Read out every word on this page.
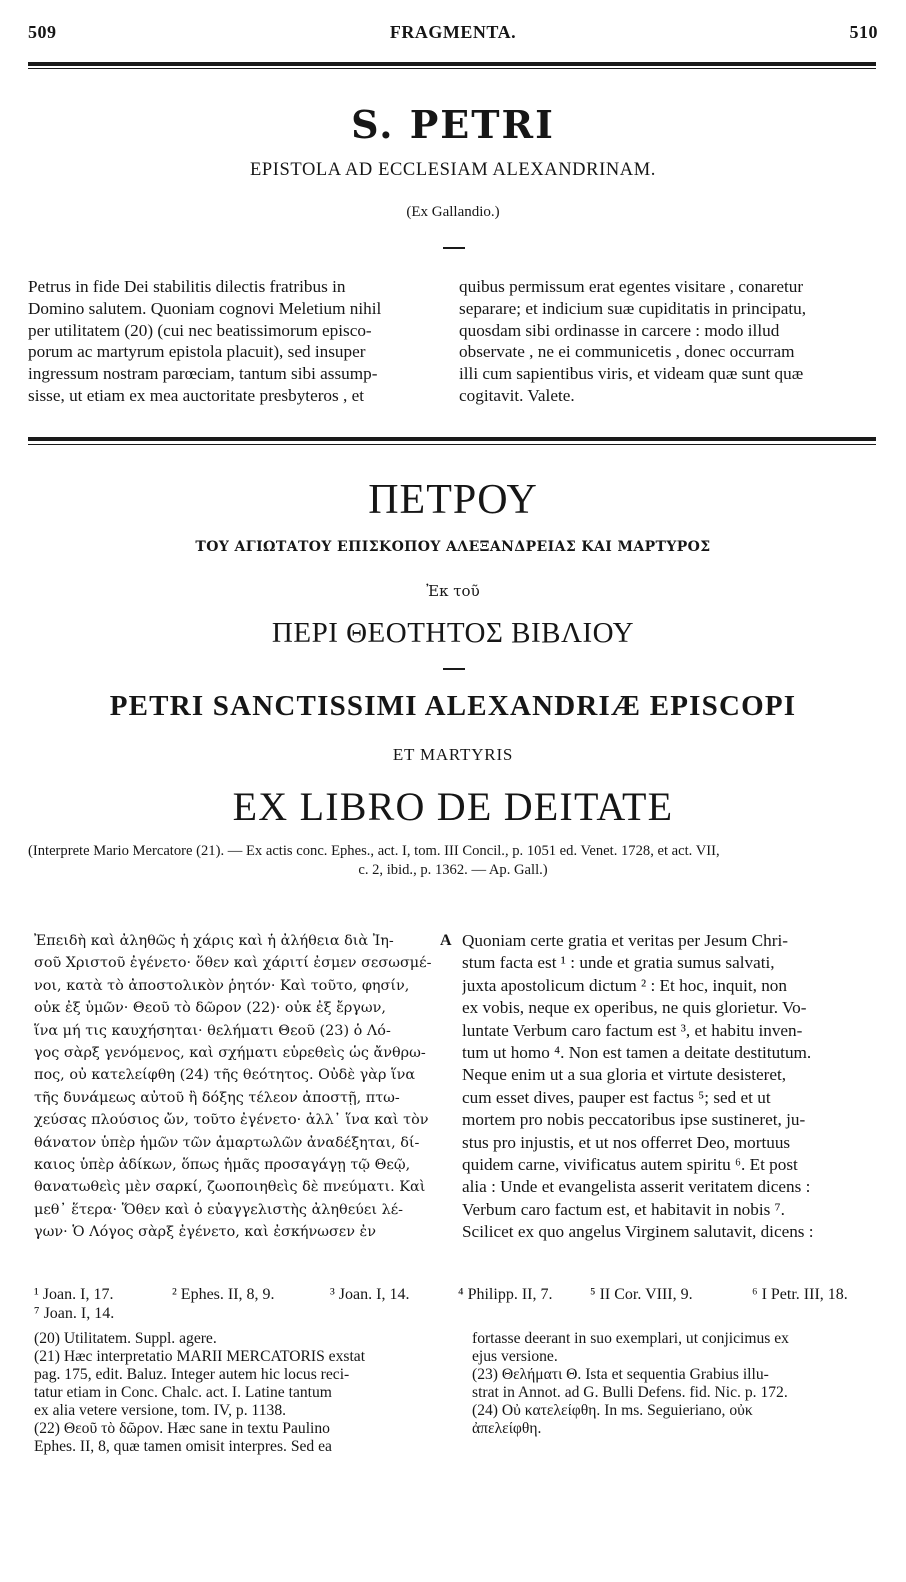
509	FRAGMENTA.	510
S. PETRI
EPISTOLA AD ECCLESIAM ALEXANDRINAM.
(Ex Gallandio.)
Petrus in fide Dei stabilitis dilectis fratribus in
Domino salutem. Quoniam cognovi Meletium nihil
per utilitatem (20) (cui nec beatissimorum episco-
porum ac martyrum epistola placuit), sed insuper
ingressum nostram parœciam, tantum sibi assump-
sisse, ut etiam ex mea auctoritate presbyteros , et
quibus permissum erat egentes visitare , conaretur
separare; et indicium suæ cupiditatis in principatu,
quosdam sibi ordinasse in carcere : modo illud
observate , ne ei communicetis , donec occurram
illi cum sapientibus viris, et videam quæ sunt quæ
cogitavit. Valete.
ΠΕΤΡΟΥ
ΤΟΥ ΑΓΙΩΤΑΤΟΥ ΕΠΙΣΚΟΠΟΥ ΑΛΕΞΑΝΔΡΕΙΑΣ ΚΑΙ ΜΑΡΤΥΡΟΣ
Ἐκ τοῦ
ΠΕΡΙ ΘΕΟΤΗΤΟΣ ΒΙΒΛΙΟΥ
PETRI SANCTISSIMI ALEXANDRIÆ EPISCOPI
ET MARTYRIS
EX LIBRO DE DEITATE
(Interprete Mario Mercatore (21). — Ex actis conc. Ephes., act. I, tom. III Concil., p. 1051 ed. Venet. 1728, et act. VII,
c. 2, ibid., p. 1362. — Ap. Gall.)
Ἐπειδὴ καὶ ἀληθῶς ἡ χάρις καὶ ἡ ἀλήθεια διὰ Ἰη-
σοῦ Χριστοῦ ἐγένετο· ὅθεν καὶ χάριτί ἐσμεν σεσωσμέ-
νοι, κατὰ τὸ ἀποστολικὸν ῥητόν· Καὶ τοῦτο, φησίν,
οὐκ ἐξ ὑμῶν· Θεοῦ τὸ δῶρον (22)· οὐκ ἐξ ἔργων,
ἵνα μή τις καυχήσηται· θελήματι Θεοῦ (23) ὁ Λό-
γος σὰρξ γενόμενος, καὶ σχήματι εὑρεθεὶς ὡς ἄνθρω-
πος, οὐ κατελείφθη (24) τῆς θεότητος. Οὐδὲ γὰρ ἵνα
τῆς δυνάμεως αὐτοῦ ἢ δόξης τέλεον ἀποστῇ, πτω-
χεύσας πλούσιος ὤν, τοῦτο ἐγένετο· ἀλλ᾽ ἵνα καὶ τὸν
θάνατον ὑπὲρ ἡμῶν τῶν ἁμαρτωλῶν ἀναδέξηται, δί-
καιος ὑπὲρ ἀδίκων, ὅπως ἡμᾶς προσαγάγῃ τῷ Θεῷ,
θανατωθεὶς μὲν σαρκί, ζωοποιηθεὶς δὲ πνεύματι. Καὶ
μεθ᾽ ἕτερα· Ὅθεν καὶ ὁ εὐαγγελιστὴς ἀληθεύει λέ-
γων· Ὁ Λόγος σὰρξ ἐγένετο, καὶ ἐσκήνωσεν ἐν
A Quoniam certe gratia et veritas per Jesum Chri-
stum facta est ¹ : unde et gratia sumus salvati,
juxta apostolicum dictum ² : Et hoc, inquit, non
ex vobis, neque ex operibus, ne quis glorietur. Vo-
luntate Verbum caro factum est ³, et habitu inven-
tum ut homo ⁴. Non est tamen a deitate destitutum.
Neque enim ut a sua gloria et virtute desisteret,
cum esset dives, pauper est factus ⁵; sed et ut
mortem pro nobis peccatoribus ipse sustineret, ju-
stus pro injustis, et ut nos offerret Deo, mortuus
quidem carne, vivificatus autem spiritu ⁶. Et post
alia : Unde et evangelista asserit veritatem dicens :
Verbum caro factum est, et habitavit in nobis ⁷.
Scilicet ex quo angelus Virginem salutavit, dicens :
¹ Joan. I, 17.	² Ephes. II, 8, 9.	³ Joan. I, 14.	⁴ Philipp. II, 7. ⁵ II Cor. VIII, 9.	⁶ I Petr. III, 18.
⁷ Joan. I, 14.
(20) Utilitatem. Suppl. agere.
(21) Hæc interpretatio MARII MERCATORIS exstat
pag. 175, edit. Baluz. Integer autem hic locus reci-
tatur etiam in Conc. Chalc. act. I. Latine tantum
ex alia vetere versione, tom. IV, p. 1138.
(22) Θεοῦ τὸ δῶρον. Hæc sane in textu Paulino
Ephes. II, 8, quæ tamen omisit interpres. Sed ea
fortasse deerant in suo exemplari, ut conjicimus ex
ejus versione.
(23) Θελήματι Θ. Ista et sequentia Grabius illu-
strat in Annot. ad G. Bulli Defens. fid. Nic. p. 172.
(24) Οὐ κατελείφθη. In ms. Seguieriano, οὐκ
ἀπελείφθη.
